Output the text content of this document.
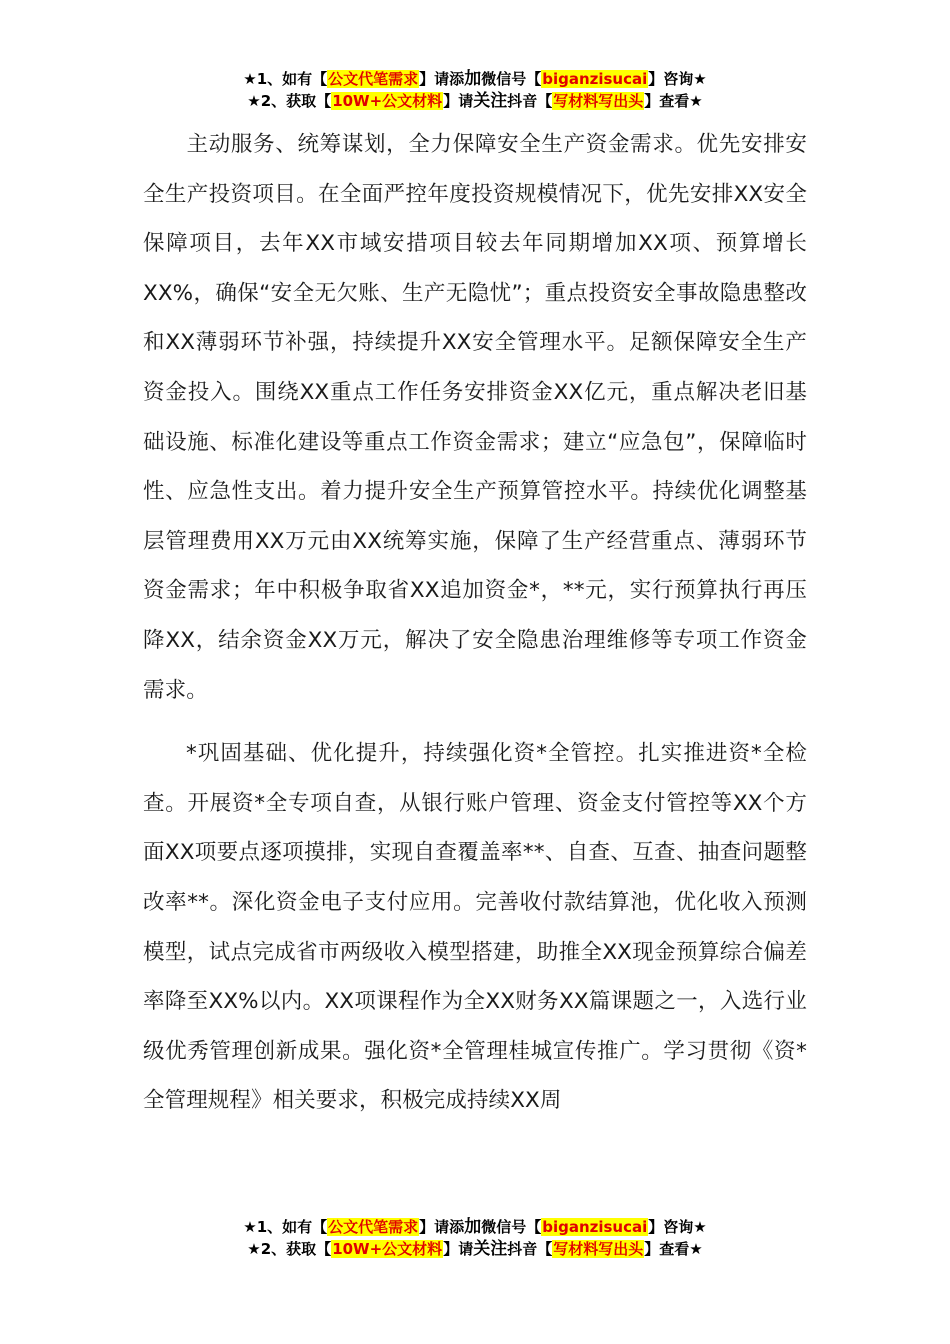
★1、如有【公文代笔需求】请添加微信号【biganzisucai】咨询★
★2、获取【10W+公文材料】请关注抖音【写材料写出头】查看★

主动服务、统筹谋划，全力保障安全生产资金需求。优先安排安全生产投资项目。在全面严控年度投资规模情况下，优先安排XX安全保障项目，去年XX市域安措项目较去年同期增加XX项、预算增长XX%，确保“安全无欠账、生产无隐忧”；重点投资安全事故隐患整改和XX薄弱环节补强，持续提升XX安全管理水平。足额保障安全生产资金投入。围绕XX重点工作任务安排资金XX亿元，重点解决老旧基础设施、标准化建设等重点工作资金需求；建立“应急包”，保障临时性、应急性支出。着力提升安全生产预算管控水平。持续优化调整基层管理费用XX万元由XX统筹实施，保障了生产经营重点、薄弱环节资金需求；年中积极争取省XX追加资金*，**元，实行预算执行再压降XX，结余资金XX万元，解决了安全隐患治理维修等专项工作资金需求。

*巩固基础、优化提升，持续强化资*全管控。扎实推进资*全检查。开展资*全专项自查，从银行账户管理、资金支付管控等XX个方面XX项要点逐项摸排，实现自查覆盖率**、自查、互查、抽查问题整改率**。深化资金电子支付应用。完善收付款结算池，优化收入预测模型，试点完成省市两级收入模型搭建，助推全XX现金预算综合偏差率降至XX%以内。XX项课程作为全XX财务XX篇课题之一，入选行业级优秀管理创新成果。强化资*全管理桂城宣传推广。学习贯彻《资*全管理规程》相关要求，积极完成持续XX周

★1、如有【公文代笔需求】请添加微信号【biganzisucai】咨询★
★2、获取【10W+公文材料】请关注抖音【写材料写出头】查看★
